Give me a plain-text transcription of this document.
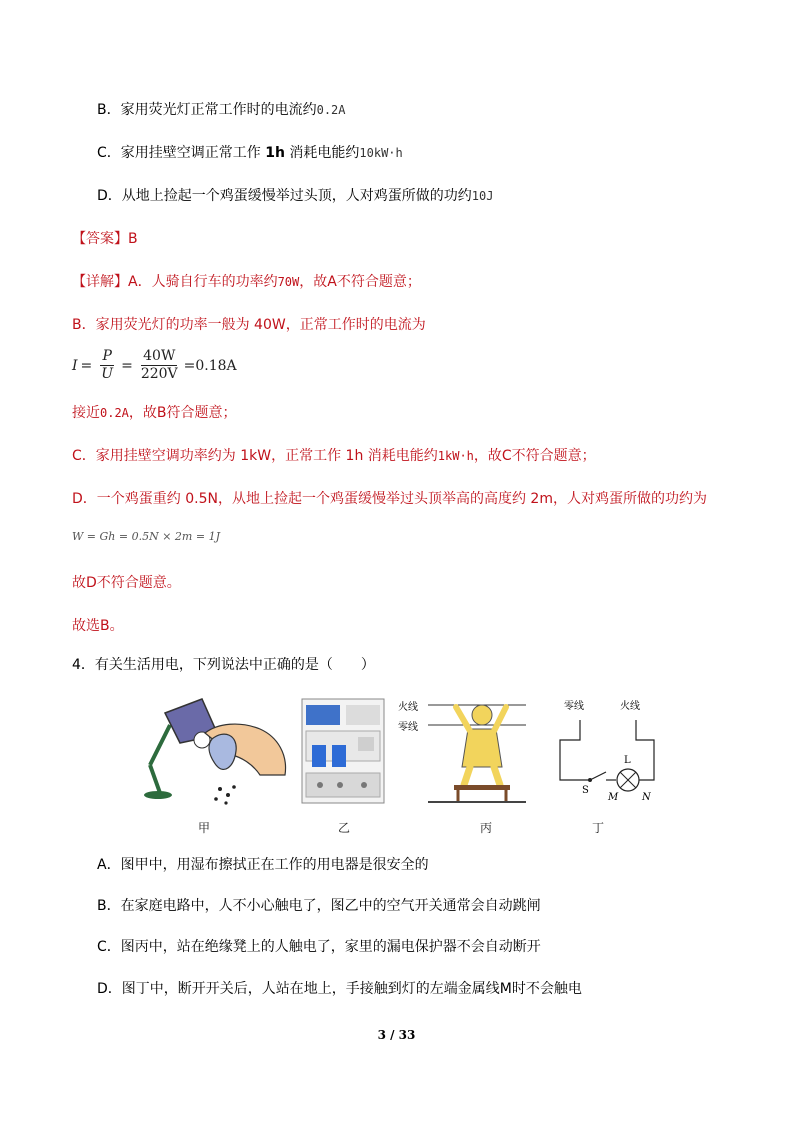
B．家用荧光灯正常工作时的电流约0.2A
C．家用挂壁空调正常工作 1h 消耗电能约10kW·h
D．从地上捡起一个鸡蛋缓慢举过头顶，人对鸡蛋所做的功约10J
【答案】B
【详解】A．人骑自行车的功率约70W，故A不符合题意；
B．家用荧光灯的功率一般为 40W，正常工作时的电流为
$I = \frac{P}{U} = \frac{40W}{220V} =0.18A$
接近0.2A，故B符合题意；
C．家用挂壁空调功率约为 1kW，正常工作 1h 消耗电能约1kW·h，故C不符合题意；
D．一个鸡蛋重约 0.5N，从地上捡起一个鸡蛋缓慢举过头顶举高的高度约 2m，人对鸡蛋所做的功约为
W = Gh = 0.5N × 2m = 1J
故D不符合题意。
故选B。
4．有关生活用电，下列说法中正确的是（　　）
甲	乙
火线
零线
丙
零线	火线
S
M N
L
丁
A．图甲中，用湿布擦拭正在工作的用电器是很安全的
B．在家庭电路中，人不小心触电了，图乙中的空气开关通常会自动跳闸
C．图丙中，站在绝缘凳上的人触电了，家里的漏电保护器不会自动断开
D．图丁中，断开开关后，人站在地上，手接触到灯的左端金属线M时不会触电
3 / 33
